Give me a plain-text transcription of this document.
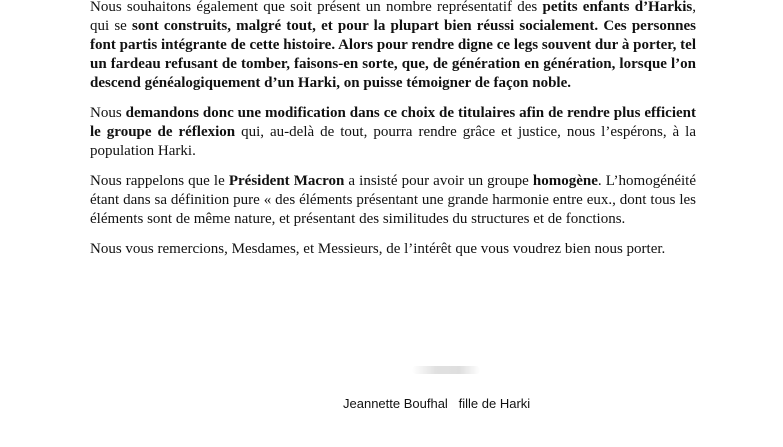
Nous souhaitons également que soit présent un nombre représentatif des petits enfants d’Harkis, qui se sont construits, malgré tout, et pour la plupart bien réussi socialement. Ces personnes font partis intégrante de cette histoire. Alors pour rendre digne ce legs souvent dur à porter, tel un fardeau refusant de tomber, faisons-en sorte, que, de génération en génération, lorsque l’on descend généalogiquement d’un Harki, on puisse témoigner de façon noble.

Nous demandons donc une modification dans ce choix de titulaires afin de rendre plus efficient le groupe de réflexion qui, au-delà de tout, pourra rendre grâce et justice, nous l’espérons, à la population Harki.

Nous rappelons que le Président Macron a insisté pour avoir un groupe homogène. L’homogénéité étant dans sa définition pure « des éléments présentant une grande harmonie entre eux., dont tous les éléments sont de même nature, et présentant des similitudes du structures et de fonctions.

Nous vous remercions, Mesdames, et Messieurs, de l’intérêt que vous voudrez bien nous porter.

Jeannette Boufhal fille de Harki
